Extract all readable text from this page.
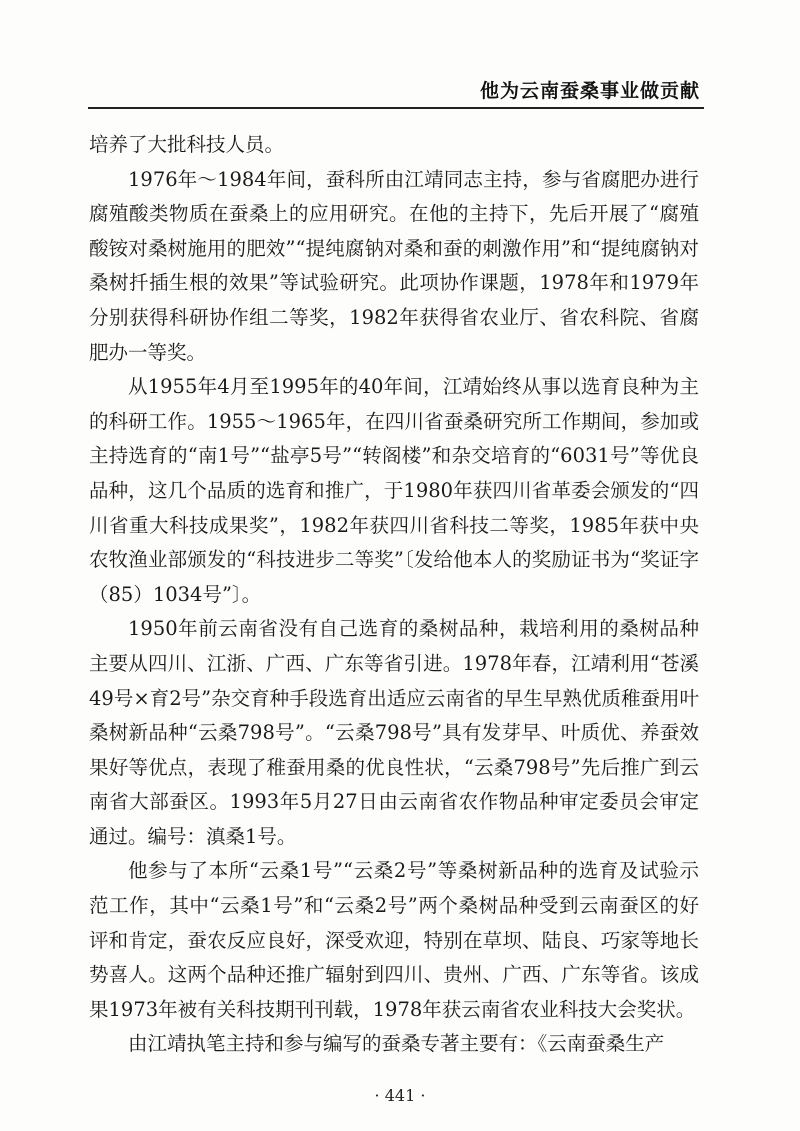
他为云南蚕桑事业做贡献

培养了大批科技人员。

1976年～1984年间，蚕科所由江靖同志主持，参与省腐肥办进行腐殖酸类物质在蚕桑上的应用研究。在他的主持下，先后开展了“腐殖酸铵对桑树施用的肥效”“提纯腐钠对桑和蚕的刺激作用”和“提纯腐钠对桑树扦插生根的效果”等试验研究。此项协作课题，1978年和1979年分别获得科研协作组二等奖，1982年获得省农业厅、省农科院、省腐肥办一等奖。

从1955年4月至1995年的40年间，江靖始终从事以选育良种为主的科研工作。1955～1965年，在四川省蚕桑研究所工作期间，参加或主持选育的“南1号”“盐亭5号”“转阁楼”和杂交培育的“6031号”等优良品种，这几个品质的选育和推广，于1980年获四川省革委会颁发的“四川省重大科技成果奖”，1982年获四川省科技二等奖，1985年获中央农牧渔业部颁发的“科技进步二等奖”〔发给他本人的奖励证书为“奖证字（85）1034号”〕。

1950年前云南省没有自己选育的桑树品种，栽培利用的桑树品种主要从四川、江浙、广西、广东等省引进。1978年春，江靖利用“苍溪49号×育2号”杂交育种手段选育出适应云南省的早生早熟优质稚蚕用叶桑树新品种“云桑798号”。“云桑798号”具有发芽早、叶质优、养蚕效果好等优点，表现了稚蚕用桑的优良性状，“云桑798号”先后推广到云南省大部蚕区。1993年5月27日由云南省农作物品种审定委员会审定通过。编号：滇桑1号。

他参与了本所“云桑1号”“云桑2号”等桑树新品种的选育及试验示范工作，其中“云桑1号”和“云桑2号”两个桑树品种受到云南蚕区的好评和肯定，蚕农反应良好，深受欢迎，特别在草坝、陆良、巧家等地长势喜人。这两个品种还推广辐射到四川、贵州、广西、广东等省。该成果1973年被有关科技期刊刊载，1978年获云南省农业科技大会奖状。

由江靖执笔主持和参与编写的蚕桑专著主要有：《云南蚕桑生产

· 441 ·
